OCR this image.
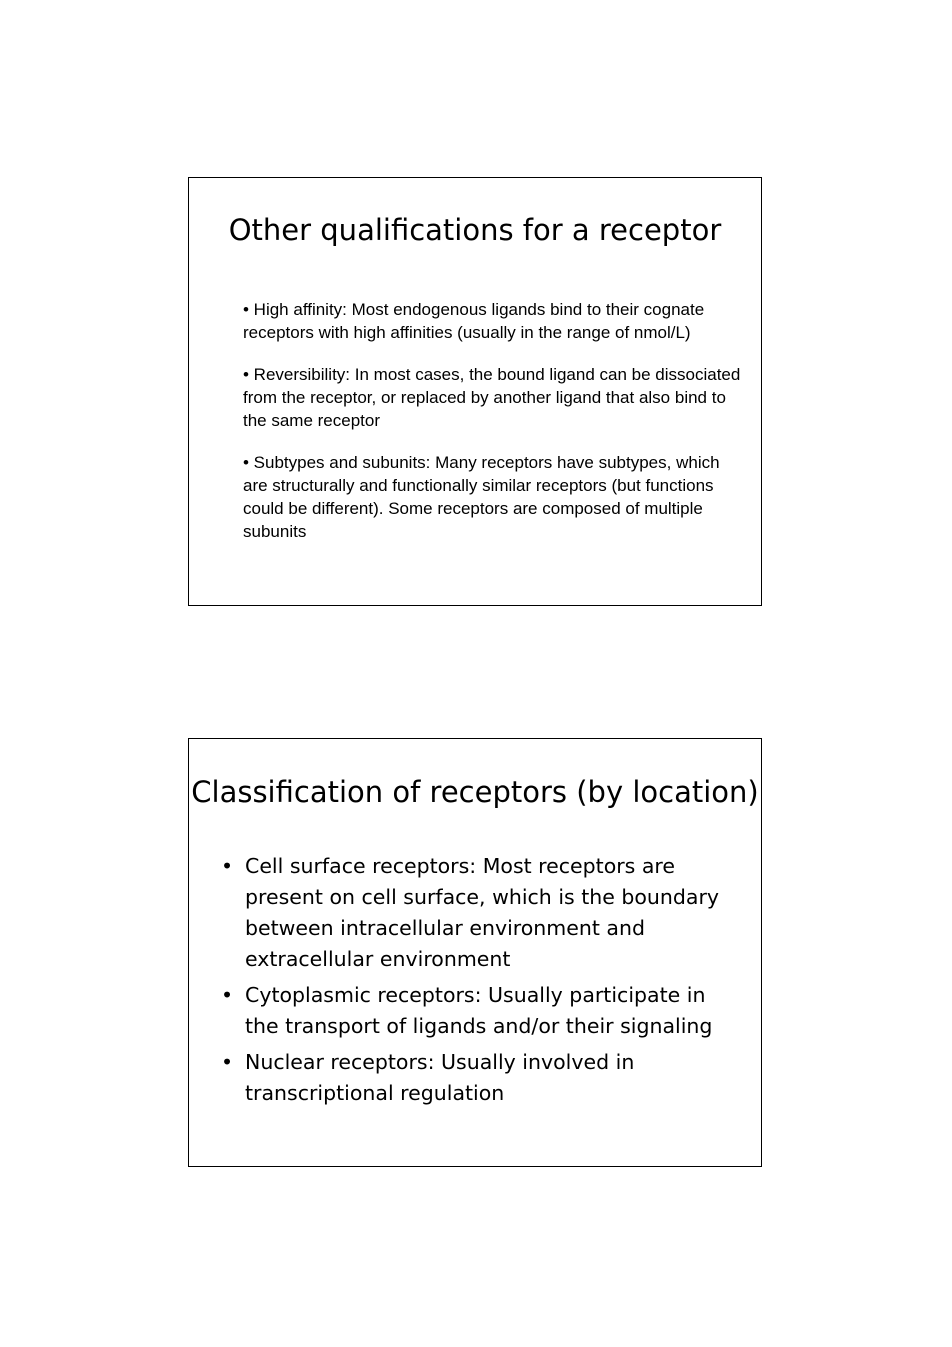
Other qualifications for a receptor

• High affinity: Most endogenous ligands bind to their cognate receptors with high affinities (usually in the range of nmol/L)

• Reversibility: In most cases, the bound ligand can be dissociated from the receptor, or replaced by another ligand that also bind to the same receptor

• Subtypes and subunits: Many receptors have subtypes, which are structurally and functionally similar receptors (but functions could be different). Some receptors are composed of multiple subunits

Classification of receptors (by location)
• Cell surface receptors: Most receptors are present on cell surface, which is the boundary between intracellular environment and extracellular environment
• Cytoplasmic receptors: Usually participate in the transport of ligands and/or their signaling
• Nuclear receptors: Usually involved in transcriptional regulation
